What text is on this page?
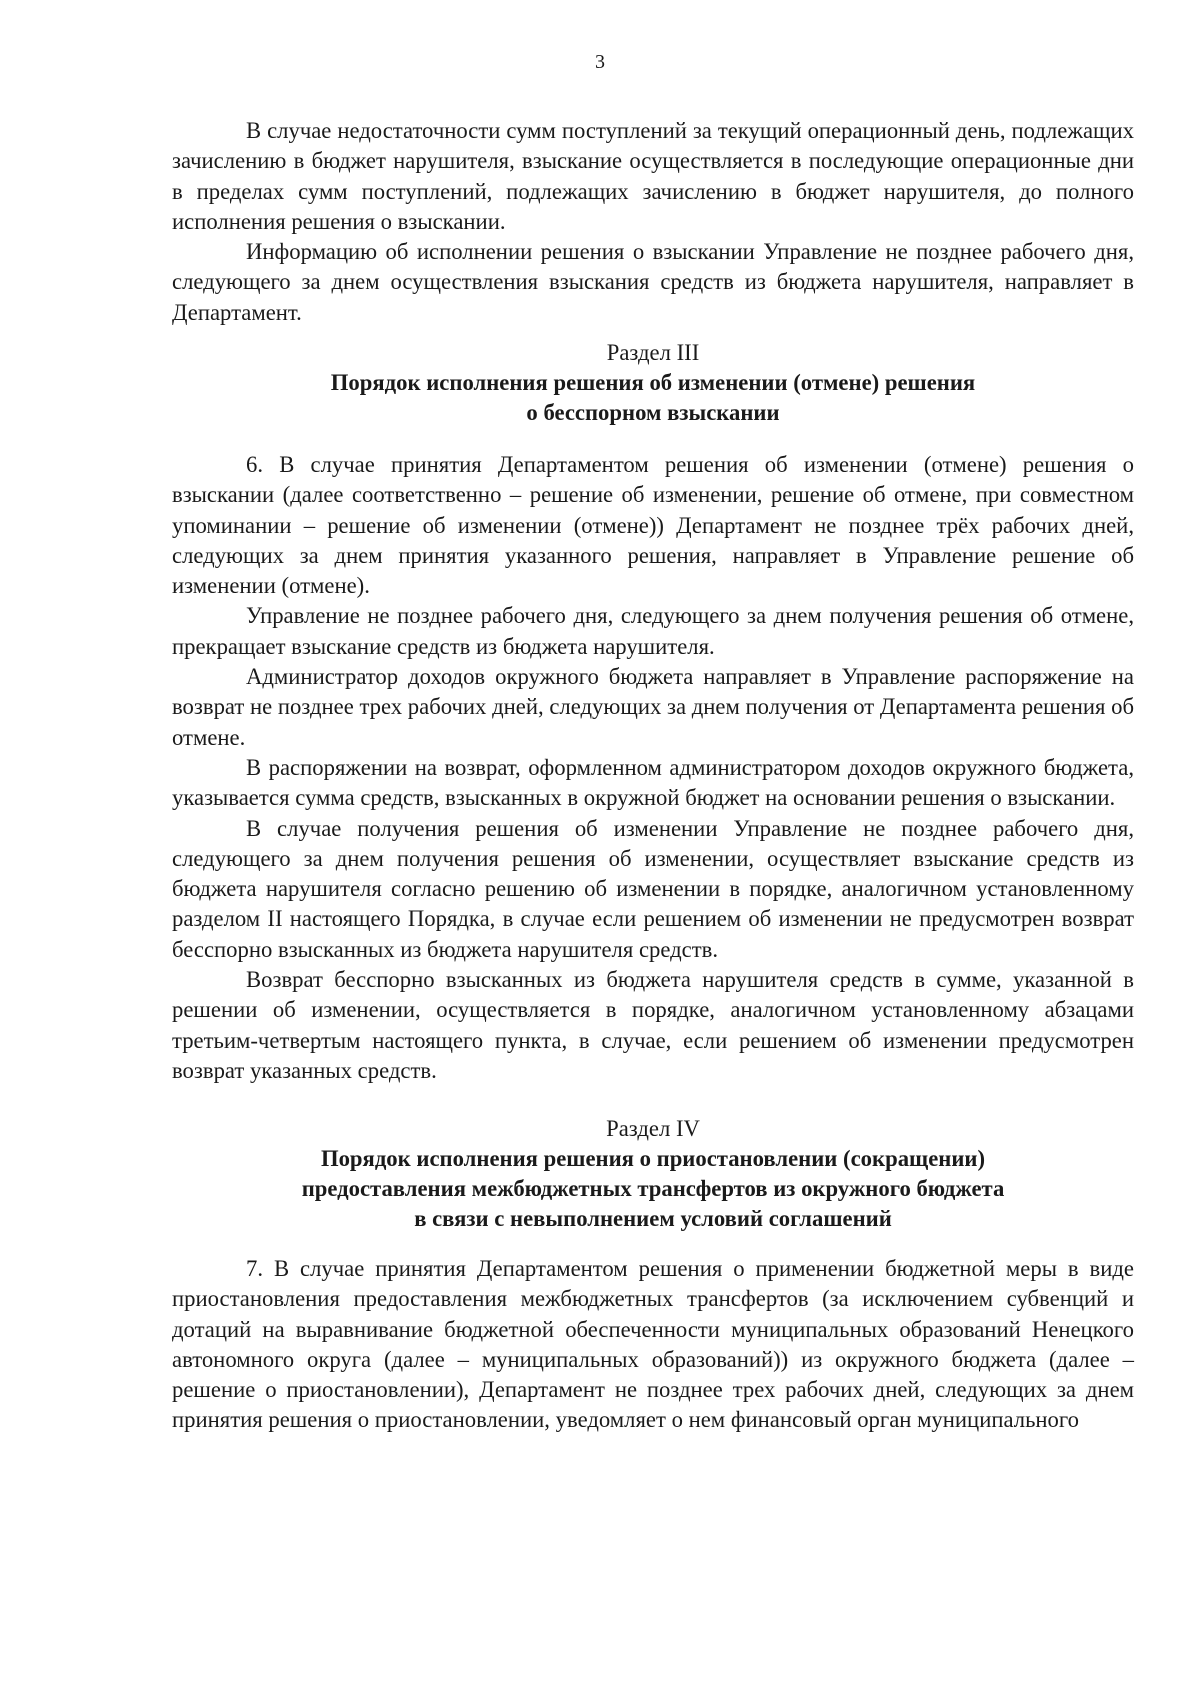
3

В случае недостаточности сумм поступлений за текущий операционный день, подлежащих зачислению в бюджет нарушителя, взыскание осуществляется в последующие операционные дни в пределах сумм поступлений, подлежащих зачислению в бюджет нарушителя, до полного исполнения решения о взыскании.

Информацию об исполнении решения о взыскании Управление не позднее рабочего дня, следующего за днем осуществления взыскания средств из бюджета нарушителя, направляет в Департамент.

Раздел III

Порядок исполнения решения об изменении (отмене) решения
о бесспорном взыскании

6. В случае принятия Департаментом решения об изменении (отмене) решения о взыскании (далее соответственно – решение об изменении, решение об отмене, при совместном упоминании – решение об изменении (отмене)) Департамент не позднее трёх рабочих дней, следующих за днем принятия указанного решения, направляет в Управление решение об изменении (отмене).

Управление не позднее рабочего дня, следующего за днем получения решения об отмене, прекращает взыскание средств из бюджета нарушителя.

Администратор доходов окружного бюджета направляет в Управление распоряжение на возврат не позднее трех рабочих дней, следующих за днем получения от Департамента решения об отмене.

В распоряжении на возврат, оформленном администратором доходов окружного бюджета, указывается сумма средств, взысканных в окружной бюджет на основании решения о взыскании.

В случае получения решения об изменении Управление не позднее рабочего дня, следующего за днем получения решения об изменении, осуществляет взыскание средств из бюджета нарушителя согласно решению об изменении в порядке, аналогичном установленному разделом II настоящего Порядка, в случае если решением об изменении не предусмотрен возврат бесспорно взысканных из бюджета нарушителя средств.

Возврат бесспорно взысканных из бюджета нарушителя средств в сумме, указанной в решении об изменении, осуществляется в порядке, аналогичном установленному абзацами третьим-четвертым настоящего пункта, в случае, если решением об изменении предусмотрен возврат указанных средств.

Раздел IV

Порядок исполнения решения о приостановлении (сокращении)
предоставления межбюджетных трансфертов из окружного бюджета
в связи с невыполнением условий соглашений

7. В случае принятия Департаментом решения о применении бюджетной меры в виде приостановления предоставления межбюджетных трансфертов (за исключением субвенций и дотаций на выравнивание бюджетной обеспеченности муниципальных образований Ненецкого автономного округа (далее – муниципальных образований)) из окружного бюджета (далее – решение о приостановлении), Департамент не позднее трех рабочих дней, следующих за днем принятия решения о приостановлении, уведомляет о нем финансовый орган муниципального
